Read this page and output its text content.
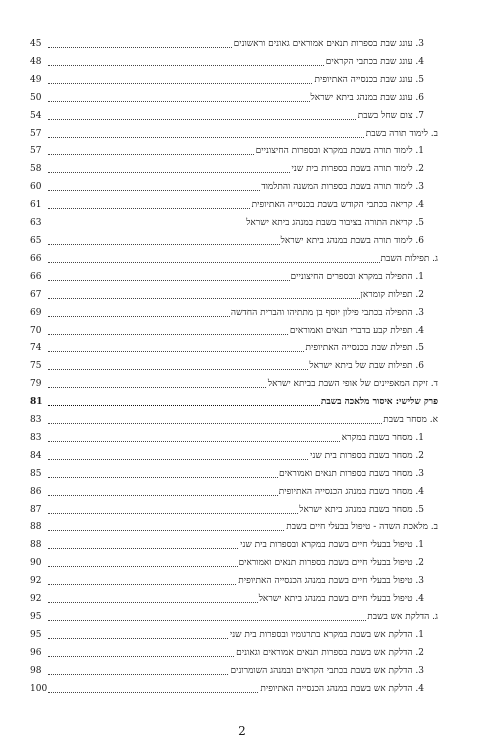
45	3. עונג שבת בספרות תנאים אמוראים גאונים וראשונים
48	4. עונג שבת בכתבי הקראים
49	5. עונג שבת בכנסייה האתיופית
50	6. עונג שבת במנהג ביתא ישראל
54	7. צום שחל בשבת
57	ב. לימוד תורה בשבת
57	1. לימוד תורה בשבת במקרא ובספרות החיצוניים
58	2. לימוד תורה בשבת בספרות בית שני
60	3. לימוד תורה בשבת בספרות המשנה והתלמוד
61	4. קריאה בכתבי הקודש בשבת בכנסייה האתיופית
63	5. קריאת התורה בציבור בשבת במנהג ביתא ישראל
65	6. לימוד תורה בשבת במנהג ביתא ישראל
66	ג. תפילות השבת
66	1. התפילה במקרא ובספרים החיצוניים
67	2. תפילות קומראן
69	3. התפילה בכתבי פילון יוסף בן מתתיהו והברית החדשה
70	4. תפילת קבע בדברי תנאים ואמוראים
74	5. תפילת שבת בכנסייה האתיופית
75	6. תפילות שבת של ביתא ישראל
79	ד. זיקת המאפיינים של אופי השבת בביתא ישראל
81	פרק שלישי: איסור מלאכה בשבת
83	א. מסחר בשבת
83	1. מסחר בשבת במקרא
84	2. מסחר בשבת בספרות בית שני
85	3. מסחר בשבת בספרות תנאים ואמוראים
86	4. מסחר בשבת במנהג הכנסייה האתיופית
87	5. מסחר בשבת במנהג ביתא ישראל
88	ב. מלאכת השדה - טיפול בבעלי חיים בשבת
88	1. טיפול בבעלי חיים בשבת במקרא ובספרות בית שני
90	2. טיפול בבעלי חיים בשבת בספרות תנאים ואמוראים
92	3. טיפול בבעלי חיים בשבת במנהג הכנסייה האתיופית
92	4. טיפול בבעלי חיים בשבת במנהג ביתא ישראל
95	ג. הדלקת אש בשבת
95	1. הדלקת אש בשבת במקרא בתרגומיו ובספרות בית שני
96	2. הדלקת אש בשבת בספרות תנאים אמוראים וגאונים
98	3. הדלקת אש בשבת בכתבי הקראים ובמנהג השומרונים
100	4. הדלקת אש בשבת במנהג הכנסייה האתיופית
2
